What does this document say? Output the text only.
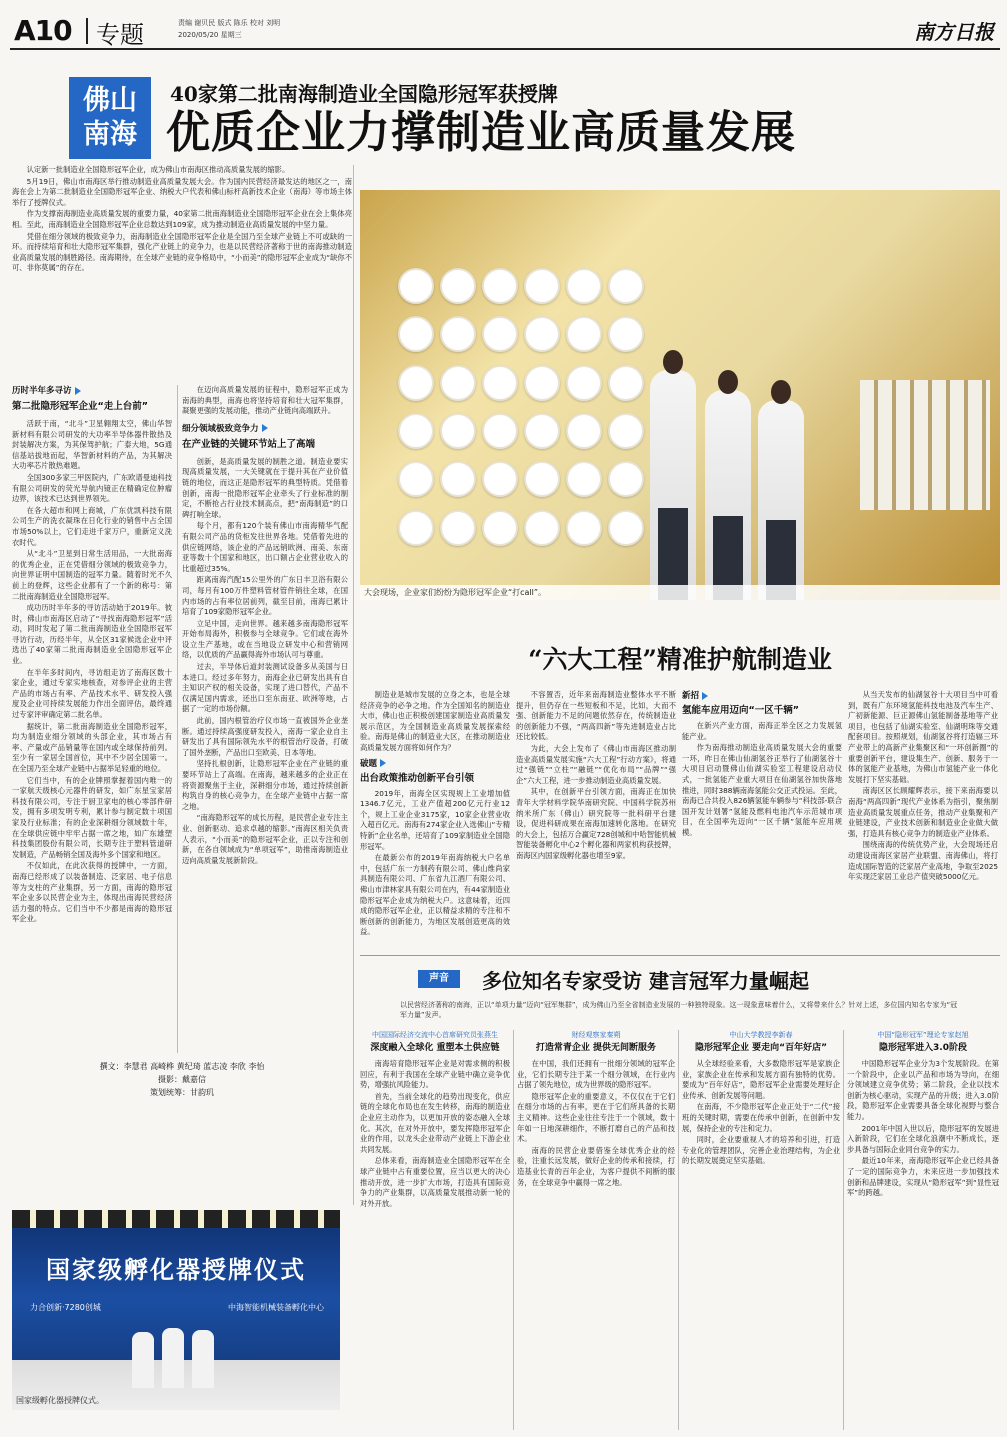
A10 专题	责编 谢贝民 版式 陈乐 校对 刘明
2020/05/20 星期三	南方日报
佛山
南海
40家第二批南海制造业全国隐形冠军获授牌
优质企业力撑制造业高质量发展

认定新一批制造业全国隐形冠军企业，成为佛山市南海区推动高质量发展的缩影。

5月19日，佛山市南海区举行推动制造业高质量发展大会。作为国内民营经济最发达的地区之一，南海在会上为第二批制造业全国隐形冠军企业、纳税大户代表和佛山标杆高新技术企业（南海）等市场主体举行了授牌仪式。

作为支撑南海制造业高质量发展的重要力量，40家第二批南海制造业全国隐形冠军企业在会上集体亮相。至此，南海制造业全国隐形冠军企业总数达到109家，成为推动制造业高质量发展的中坚力量。

凭借在细分领域的极致竞争力，南海制造业全国隐形冠军企业是全国乃至全球产业链上不可或缺的一环。而持续培育和壮大隐形冠军集群，强化产业链上的竞争力，也是以民营经济著称于世的南海推动制造业高质量发展的制胜路径。南海期待，在全球产业链的竞争格局中，“小而美”的隐形冠军企业成为“缺你不可、非你莫属”的存在。

历时半年多寻访
第二批隐形冠军企业“走上台前”

活跃于南，“北斗”卫星翱翔太空，佛山华智新材料有限公司研发的大功率半导体器件散热及封装解决方案，为其保驾护航；广泰大地，5G通信基站拔地而起，华智新材料的产品，为其解决大功率芯片散热难题。

全国300多家三甲医院内，广东欧谱曼迪科技有限公司研发的荧光导航内镜正在精确定位肿瘤边界，该技术已达到世界领先。

在各大超市和网上商城，广东优凯科技有限公司生产的洗衣凝珠在日化行业的销售中占全国市场50%以上，它们走进千家万户，重新定义洗衣时代。

从“北斗”卫星到日常生活用品，一大批南海的优秀企业，正在凭借细分领域的极致竞争力，向世界证明中国制造的冠军力量。随着时光不久前上的登辉，这些企业都有了一个新的称号：第二批南海制造业全国隐形冠军。

成功历时半年多的寻访活动始于2019年。彼时，佛山市南海区启动了“寻找南海隐形冠军”活动，同时发起了第二批南海制造业全国隐形冠军寻访行动，历经半年，从全区31家候选企业中评选出了40家第二批南海制造业全国隐形冠军企业。

在半年多时间内，寻访组走访了南海区数十家企业，通过专家实地核查，对参评企业的主营产品的市场占有率、产品技术水平、研发投入强度及企业可持续发展能力作出全面评估，最终通过专家评审确定第二批名单。

据统计，第二批南海制造业全国隐形冠军，均为制造业细分领域的头部企业，其市场占有率、产量或产品销量等在国内或全球保持前列。至少有一家居全国首位，其中不少居全国第一。在全国乃至全球产业链中占据举足轻重的地位。

它们当中，有的企业牌照掌握着国内唯一的一家航天级核心元器件的研发，如广东星宝家居科技有限公司，专注于厨卫家电的核心零部件研发，拥有多项发明专利，累计参与制定数十项国家及行业标准；有的企业深耕细分领域数十年，在全球供应链中牢牢占据一席之地，如广东雄塑科技集团股份有限公司，长期专注于塑料管道研发制造，产品畅销全国及海外多个国家和地区。

不仅如此，在此次获得的授牌中，一方面，南海已经形成了以装备制造、泛家居、电子信息等为支柱的产业集群，另一方面，南海的隐形冠军企业多以民营企业为主，体现出南海民营经济活力强的特点。它们当中不少都是南海的隐形冠军企业。

在迈向高质量发展的征程中，隐形冠军正成为南海的典型，南海也将坚持培育和壮大冠军集群，凝聚更强的发展动能，推动产业链向高端跃升。

细分领域极致竞争力
在产业链的关键环节站上了高端

创新，是高质量发展的制胜之道。制造业要实现高质量发展，一大关键就在于提升其在产业价值链的地位，而这正是隐形冠军的典型特质。凭借着创新，南海一批隐形冠军企业牵头了行业标准的制定，不断抢占行业技术制高点，把“南海制造”的口碑打响全球。

每个月，都有120个装有佛山市南海精华气配有限公司产品的货柜发往世界各地。凭借着先进的供应链网络，该企业的产品远销欧洲、南美、东南亚等数十个国家和地区，出口额占企业营业收入的比重超过35%。

距离南海汽配15公里外的广东日丰卫浴有限公司，每月有100万件塑料管材管件销往全球，在国内市场的占有率位居前列，截至目前，南海已累计培育了109家隐形冠军企业。

立足中国，走向世界。越来越多南海隐形冠军开始布局海外，积极参与全球竞争。它们或在海外设立生产基地，或在当地设立研发中心和营销网络，以优质的产品赢得海外市场认可与尊重。

过去，半导体后道封装测试设备多从美国与日本进口。经过多年努力，南海企业已研发出具有自主知识产权的相关设备，实现了进口替代，产品不仅满足国内需求，还出口至东南亚、欧洲等地，占据了一定的市场份额。

此前，国内根管治疗仪市场一直被国外企业垄断。通过持续高强度研发投入，南海一家企业自主研发出了具有国际领先水平的根管治疗设备，打破了国外垄断，产品出口至欧美、日本等地。

坚持扎根创新，让隐形冠军企业在产业链的重要环节站上了高端。在南海，越来越多的企业正在将资源聚焦于主业，深耕细分市场，通过持续创新构筑自身的核心竞争力，在全球产业链中占据一席之地。

“南海隐形冠军的成长历程，是民营企业专注主业、创新驱动、追求卓越的缩影。”南海区相关负责人表示，“小而美”的隐形冠军企业，正以专注和创新，在各自领域成为“单项冠军”，助推南海制造业迈向高质量发展新阶段。

大会现场，企业家们纷纷为隐形冠军企业“打call”。
“六大工程”精准护航制造业

制造业是城市发展的立身之本，也是全球经济竞争的必争之地。作为全国知名的制造业大市，佛山也正积极创建国家制造业高质量发展示范区，为全国制造业高质量发展探索经验。南海是佛山的制造业大区，在推动制造业高质量发展方面将如何作为？

破题
出台政策推动创新平台引领

2019年，南海全区实现规上工业增加值1346.7亿元，工业产值超200亿元行业12个，规上工业企业3175家，10家企业营业收入超百亿元。南海有274家企业入选佛山“专精特新”企业名单，还培育了109家制造业全国隐形冠军。

在最新公布的2019年南海纳税大户名单中，包括广东一方制药有限公司、佛山维尚家具制造有限公司、广东省九江酒厂有限公司、佛山市津林家具有限公司在内，有44家制造业隐形冠军企业成为纳税大户。这意味着，近四成的隐形冠军企业，正以精益求精的专注和不断创新的创新能力，为地区发展创造更高的效益。

不容置否，近年来南海制造业整体水平不断提升，但仍存在一些短板和不足，比如，大而不强、创新能力不足的问题依然存在，传统制造业的创新能力不强，“两高四新”等先进制造业占比还比较低。

为此，大会上发布了《佛山市南海区推动制造业高质量发展实施“六大工程”行动方案》，将通过“强链”“立柱”“融链”“优化布局”“品牌”“强企”六大工程，进一步推动制造业高质量发展。

其中，在创新平台引领方面，南海正在加快青年大学材料学院华南研究院、中国科学院苏州纳米所广东（佛山）研究院等一批科研平台建设，促进科研成果在南海加速转化落地。在研究的大会上，包括万合赢定728创城和中哈智能机械智能装备孵化中心2个孵化器和两家机构获授牌，南海区内国家级孵化器也增至9家。

新招
氢能车应用迈向“一区千辆”

在新兴产业方面，南海正举全区之力发展氢能产业。

作为南海推动制造业高质量发展大会的重要一环，昨日在佛山仙湖氢谷正举行了仙湖氢谷十大项目启动暨佛山仙湖实验室工程建设启动仪式，一批氢能产业重大项目在仙湖氢谷加快落地推进，同时388辆南海氢能公交正式投运。至此，南海已合共投入826辆氢能车辆参与“科技部-联合国开发计划署”氢能及燃料电池汽车示范城市项目，在全国率先迈向“一区千辆”氢能车应用规模。

从当天发布的仙湖氢谷十大项目当中可看到，既有广东环境氢能科技电池及汽车生产、广初新能源、巨正源佛山氢能制备基地等产业项目，也包括了仙湖实验室、仙湖明珠等交通配套项目。按照规划，仙湖氢谷将打造辐三环产业带上的高新产业集聚区和“一环创新圈”的重要创新平台，建设集生产、创新、服务于一体的氢能产业基地，为佛山市氢能产业一体化发展打下坚实基础。

南海区区长顾耀辉表示，接下来南海要以南海“两高四新”现代产业体系为指引，聚焦制造业高质量发展重点任务，推动产业集聚和产业链建设，产业技术创新和制造业企业做大做强，打造具有核心竞争力的制造业产业体系。

围绕南海的传统优势产业，大会现场还启动建设南海区家居产业联盟、南海佛山，将打造成国际智造的泛家居产业高地，争取至2025年实现泛家居工业总产值突破5000亿元。

声音	多位知名专家受访 建言冠军力量崛起
以民营经济著称的南海，正以“单项力量”迈向“冠军集群”，成为佛山乃至全省制造业发展的一种独特现象。这一现象意味着什么，又将带来什么？针对上述，多位国内知名专家为“冠军力量”发声。
中国国际经济交流中心首席研究员张燕生
深度融入全球化 重塑本土供应链

南海培育隐形冠军企业是对需求侧的积极回应，有利于我国在全球产业链中确立竞争优势，增强抗风险能力。

首先，当前全球化的趋势出现变化，供应链的全球化布局也在发生转移，南海的制造业企业应主动作为，以更加开放的姿态融入全球化。其次，在对外开放中，要发挥隐形冠军企业的作用，以龙头企业带动产业链上下游企业共同发展。

总体来看，南海制造业全国隐形冠军在全球产业链中占有重要位置，应当以更大的决心推动开放，进一步扩大市场，打造具有国际竞争力的产业集群，以高质量发展推动新一轮的对外开放。

财经观察家秦朔
打造常青企业 提供无间断服务

在中国，我们还拥有一批细分领域的冠军企业，它们长期专注于某一个细分领域，在行业内占据了领先地位，成为世界级的隐形冠军。

隐形冠军企业的重要意义，不仅仅在于它们在细分市场的占有率，更在于它们所具备的长期主义精神。这些企业往往专注于一个领域，数十年如一日地深耕细作，不断打磨自己的产品和技术。

南海的民营企业要借鉴全球优秀企业的经验，注重长远发展，做好企业的传承和接续，打造基业长青的百年企业，为客户提供不间断的服务，在全球竞争中赢得一席之地。

中山大学教授李新春
隐形冠军企业 要走向“百年好店”

从全球经验来看，大多数隐形冠军是家族企业，家族企业在传承和发展方面有独特的优势。要成为“百年好店”，隐形冠军企业需要处理好企业传承、创新发展等问题。

在南海，不少隐形冠军企业正处于“二代”接班的关键时期，需要在传承中创新，在创新中发展，保持企业的专注和定力。

同时，企业要重视人才的培养和引进，打造专业化的管理团队，完善企业治理结构，为企业的长期发展奠定坚实基础。

中国“隐形冠军”理论专家赵旭
隐形冠军进入3.0阶段

中国隐形冠军企业分为3个发展阶段。在第一个阶段中，企业以产品和市场为导向，在细分领域建立竞争优势；第二阶段，企业以技术创新为核心驱动，实现产品的升级；进入3.0阶段，隐形冠军企业需要具备全球化视野与整合能力。

2001年中国入世以后，隐形冠军的发展进入新阶段，它们在全球化浪潮中不断成长，逐步具备与国际企业同台竞争的实力。

最近10年来，南海隐形冠军企业已经具备了一定的国际竞争力，未来应进一步加强技术创新和品牌建设，实现从“隐形冠军”到“显性冠军”的跨越。

撰文：李慧君 高崎桦 黄纪琦 蓝志凌 李欣 李怡
摄影：戴嘉信
策划统筹：甘韵玑
国家级孵化器授牌仪式
力合创新·7280创城	中海智能机械装备孵化中心
国家级孵化器授牌仪式。
